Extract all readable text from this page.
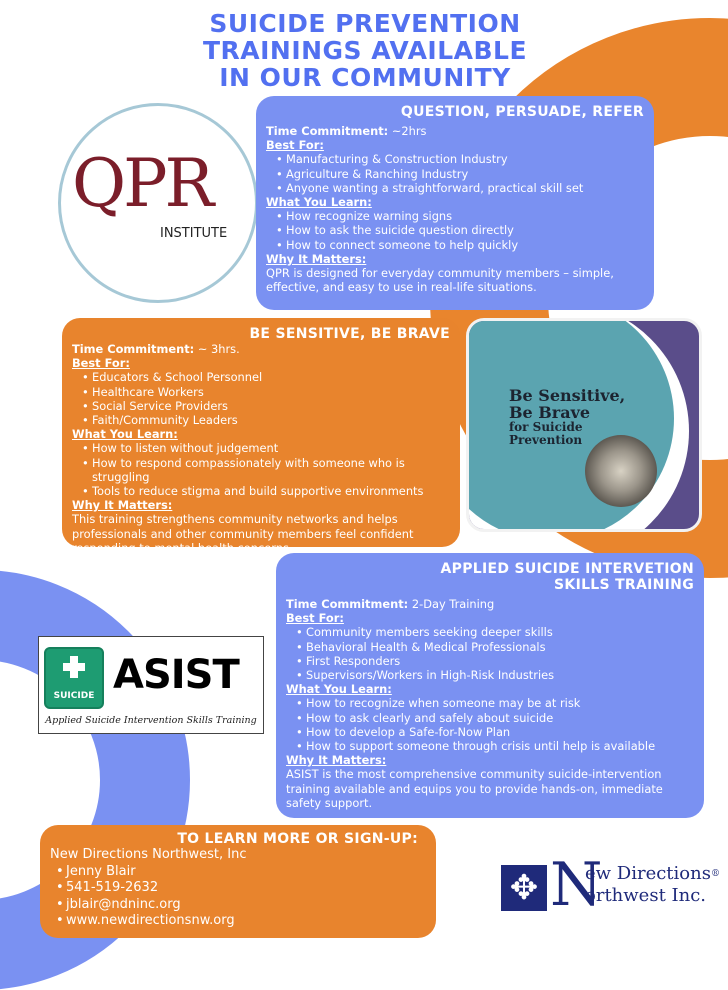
SUICIDE PREVENTION
TRAININGS AVAILABLE
IN OUR COMMUNITY
QPR
INSTITUTE
QUESTION, PERSUADE, REFER

Time Commitment: ~2hrs

Best For:
• Manufacturing & Construction Industry
• Agriculture & Ranching Industry
• Anyone wanting a straightforward, practical skill set
What You Learn:
• How recognize warning signs
• How to ask the suicide question directly
• How to connect someone to help quickly
Why It Matters:

QPR is designed for everyday community members – simple, effective, and easy to use in real-life situations.

BE SENSITIVE, BE BRAVE

Time Commitment: ~ 3hrs.

Best For:
• Educators & School Personnel
• Healthcare Workers
• Social Service Providers
• Faith/Community Leaders
What You Learn:
• How to listen without judgement
• How to respond compassionately with someone who is struggling
• Tools to reduce stigma and build supportive environments
Why It Matters:

This training strengthens community networks and helps professionals and other community members feel confident responding to mental health concerns.

Be Sensitive,
Be Brave
for Suicide
Prevention
APPLIED SUICIDE INTERVETION
SKILLS TRAINING

Time Commitment: 2-Day Training

Best For:
• Community members seeking deeper skills
• Behavioral Health & Medical Professionals
• First Responders
• Supervisors/Workers in High-Risk Industries
What You Learn:
• How to recognize when someone may be at risk
• How to ask clearly and safely about suicide
• How to develop a Safe-for-Now Plan
• How to support someone through crisis until help is available
Why It Matters:

ASIST is the most comprehensive community suicide-intervention training available and equips you to provide hands-on, immediate safety support.

SUICIDE ASIST
Applied Suicide Intervention Skills Training
TO LEARN MORE OR SIGN-UP:

New Directions Northwest, Inc

• Jenny Blair
• 541-519-2632
• jblair@ndninc.org
• www.newdirectionsnw.org
✥ N
ew Directions®
orthwest Inc.
